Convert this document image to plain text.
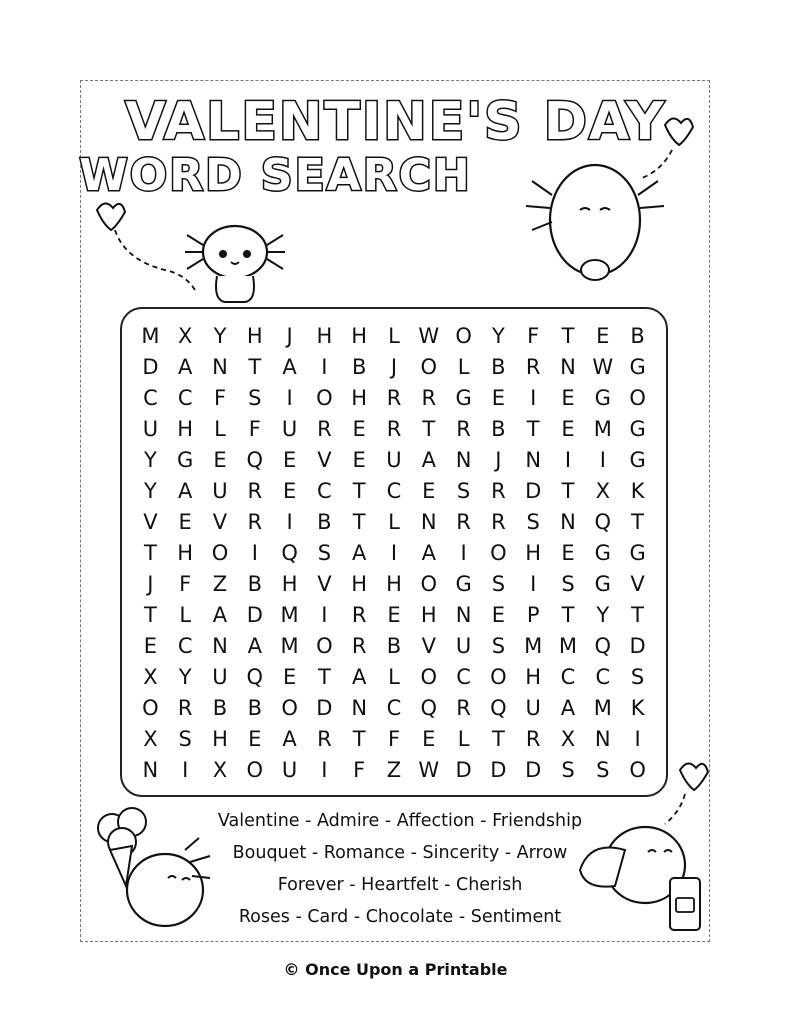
VALENTINE'S DAY
WORD SEARCH
M X	Y H	J	H H	L W O Y	F	T	E B
D A N T	A	I	B	J	O L	B R N W G
C C	F	S	I	O H R R G E	I	E G O
U H	L	F	U R E R	T	R B	T	E M G
Y G E Q E V E U A N	J	N	I	I	G
Y	A U R E C	T	C E	S R D T	X K
V E V R	I	B	T	L	N R R S N Q T
T H O	I	Q S A	I	A	I	O H E G G
J	F	Z B H V H H O G S	I	S G V
T	L	A D M	I	R E H N E	P	T	Y	T
E C N A M O R B V U S M M Q D
X	Y U Q E	T	A	L O C O H C C S
O R B B O D N C Q R Q U A M K
X S H E A R	T	F	E	L	T	R X N	I
N	I	X O U	I	F	Z W D D D S	S O
Valentine - Admire - Affection - Friendship
Bouquet - Romance - Sincerity - Arrow
Forever - Heartfelt - Cherish
Roses - Card - Chocolate - Sentiment
© Once Upon a Printable
